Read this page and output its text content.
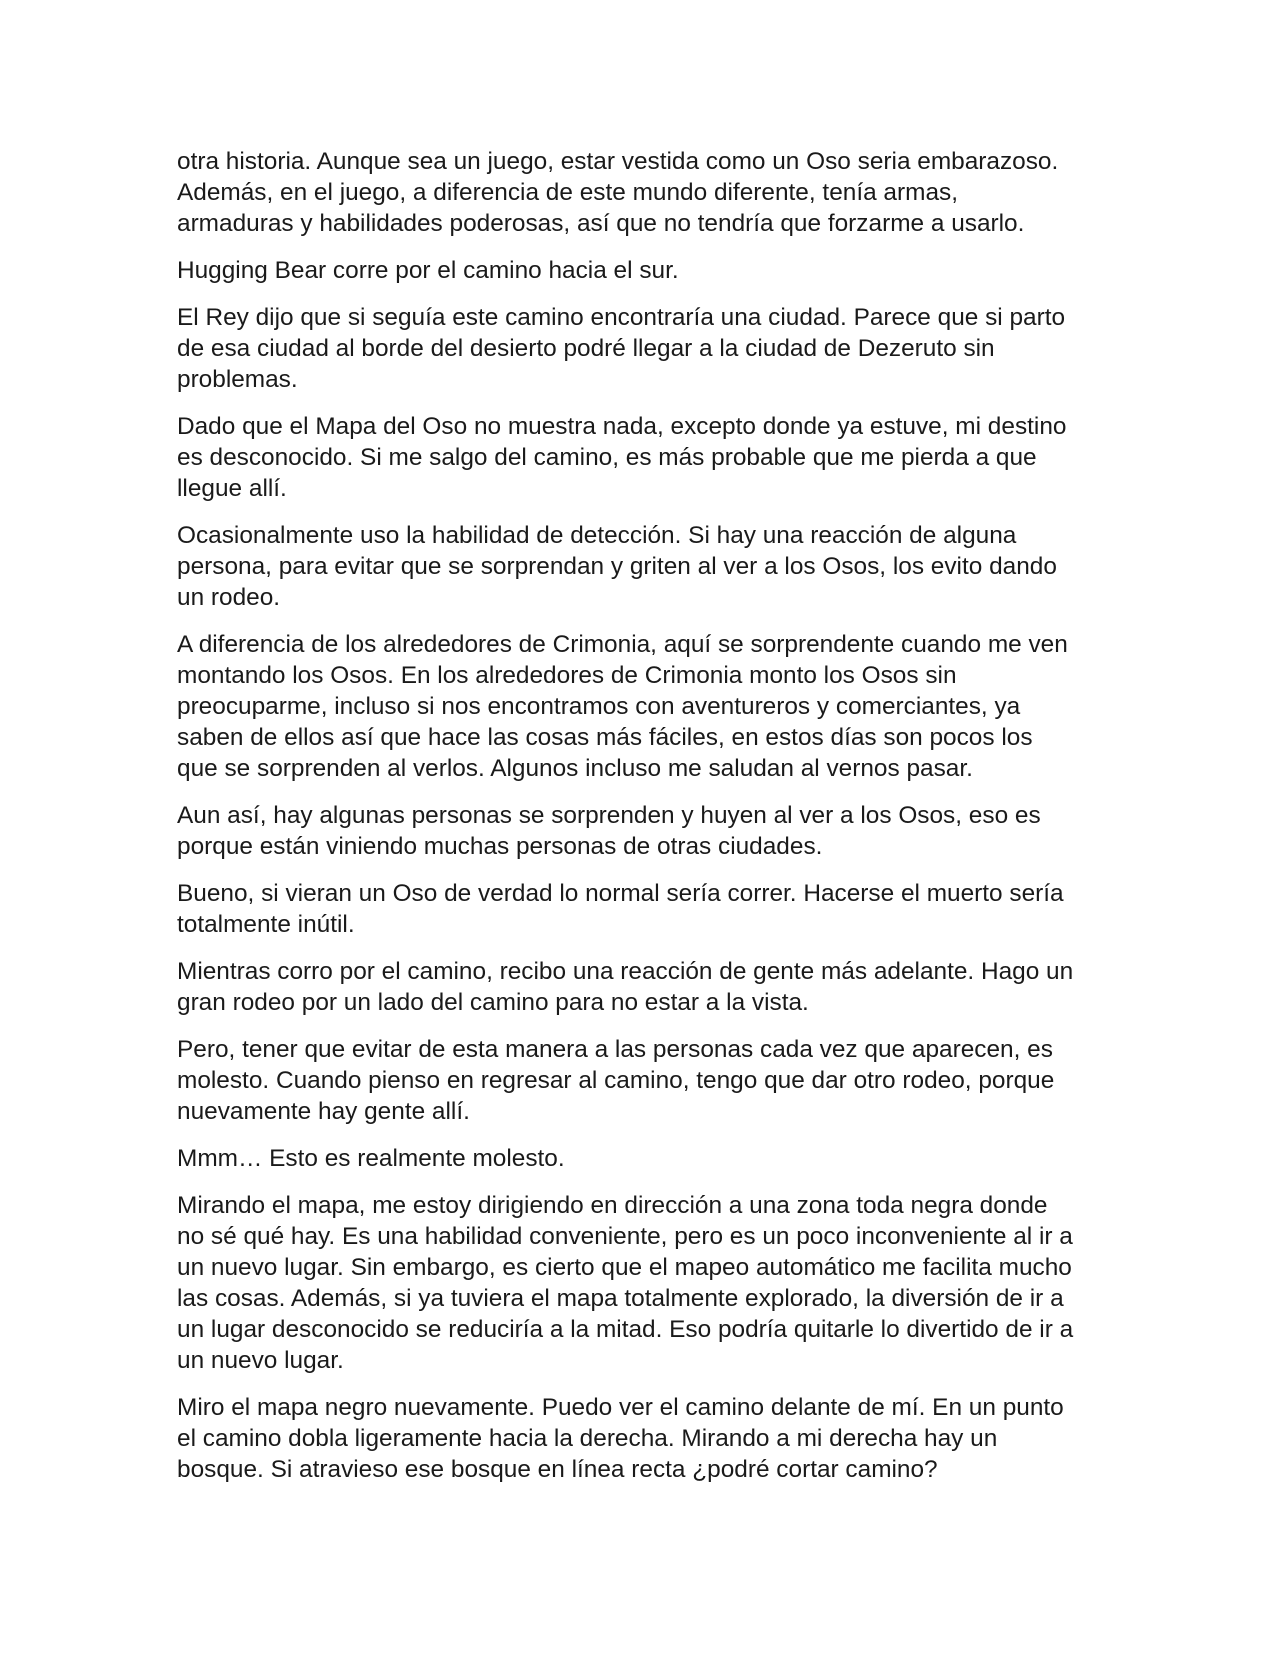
otra historia. Aunque sea un juego, estar vestida como un Oso seria embarazoso.
Además, en el juego, a diferencia de este mundo diferente, tenía armas,
armaduras y habilidades poderosas, así que no tendría que forzarme a usarlo.

Hugging Bear corre por el camino hacia el sur.

El Rey dijo que si seguía este camino encontraría una ciudad. Parece que si parto
de esa ciudad al borde del desierto podré llegar a la ciudad de Dezeruto sin
problemas.

Dado que el Mapa del Oso no muestra nada, excepto donde ya estuve, mi destino
es desconocido. Si me salgo del camino, es más probable que me pierda a que
llegue allí.

Ocasionalmente uso la habilidad de detección. Si hay una reacción de alguna
persona, para evitar que se sorprendan y griten al ver a los Osos, los evito dando
un rodeo.

A diferencia de los alrededores de Crimonia, aquí se sorprendente cuando me ven
montando los Osos. En los alrededores de Crimonia monto los Osos sin
preocuparme, incluso si nos encontramos con aventureros y comerciantes, ya
saben de ellos así que hace las cosas más fáciles, en estos días son pocos los
que se sorprenden al verlos. Algunos incluso me saludan al vernos pasar.

Aun así, hay algunas personas se sorprenden y huyen al ver a los Osos, eso es
porque están viniendo muchas personas de otras ciudades.

Bueno, si vieran un Oso de verdad lo normal sería correr. Hacerse el muerto sería
totalmente inútil.

Mientras corro por el camino, recibo una reacción de gente más adelante. Hago un
gran rodeo por un lado del camino para no estar a la vista.

Pero, tener que evitar de esta manera a las personas cada vez que aparecen, es
molesto. Cuando pienso en regresar al camino, tengo que dar otro rodeo, porque
nuevamente hay gente allí.

Mmm… Esto es realmente molesto.

Mirando el mapa, me estoy dirigiendo en dirección a una zona toda negra donde
no sé qué hay. Es una habilidad conveniente, pero es un poco inconveniente al ir a
un nuevo lugar. Sin embargo, es cierto que el mapeo automático me facilita mucho
las cosas. Además, si ya tuviera el mapa totalmente explorado, la diversión de ir a
un lugar desconocido se reduciría a la mitad. Eso podría quitarle lo divertido de ir a
un nuevo lugar.

Miro el mapa negro nuevamente. Puedo ver el camino delante de mí. En un punto
el camino dobla ligeramente hacia la derecha. Mirando a mi derecha hay un
bosque. Si atravieso ese bosque en línea recta ¿podré cortar camino?
